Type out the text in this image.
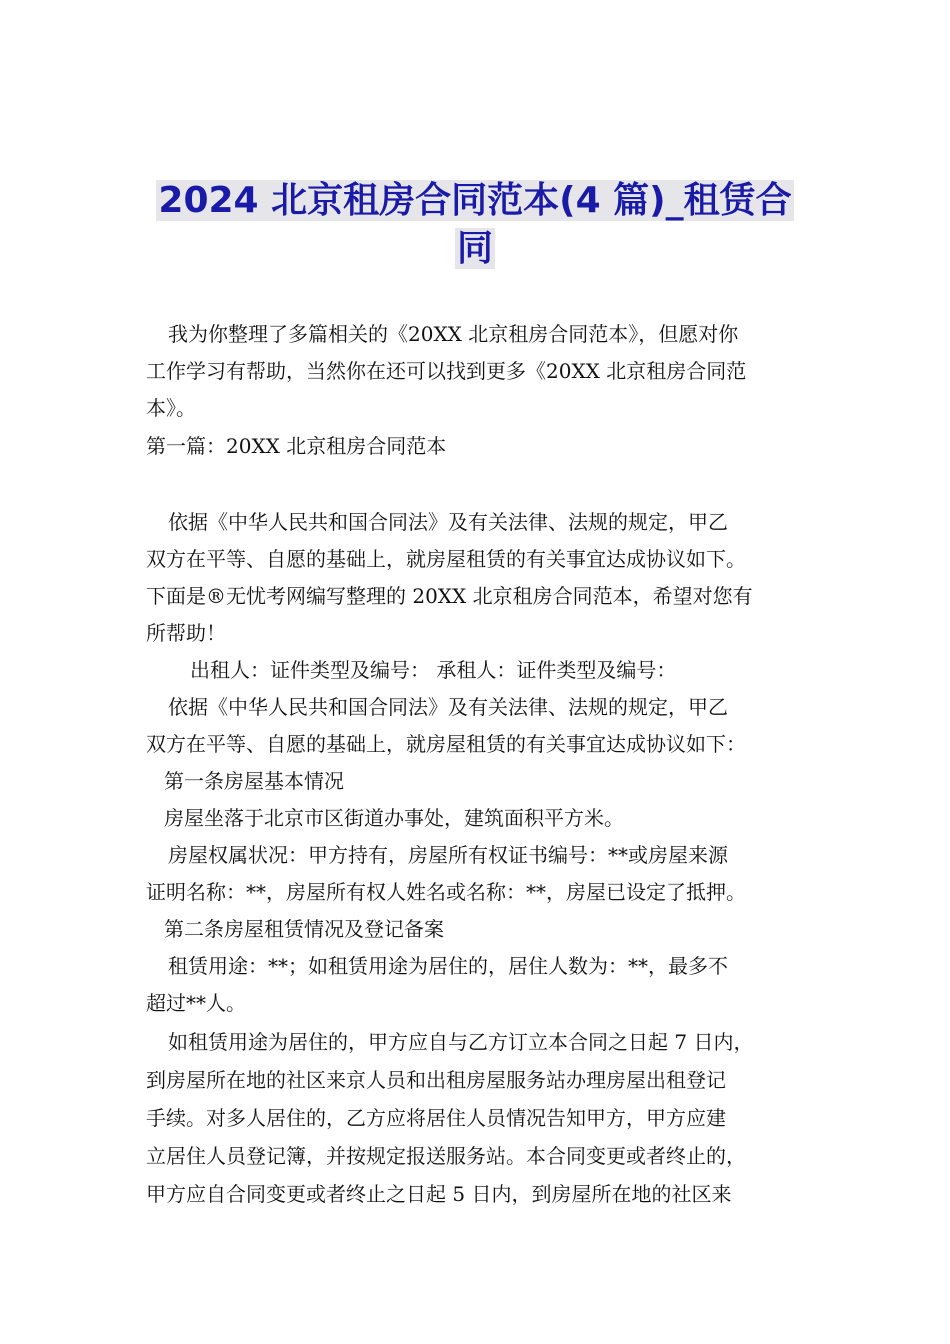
2024 北京租房合同范本(4 篇)_租赁合
同

我为你整理了多篇相关的《20XX 北京租房合同范本》，但愿对你

工作学习有帮助，当然你在还可以找到更多《20XX 北京租房合同范

本》。

第一篇：20XX 北京租房合同范本

依据《中华人民共和国合同法》及有关法律、法规的规定，甲乙

双方在平等、自愿的基础上，就房屋租赁的有关事宜达成协议如下。

下面是®无忧考网编写整理的 20XX 北京租房合同范本，希望对您有

所帮助！

出租人：证件类型及编号： 承租人：证件类型及编号：

依据《中华人民共和国合同法》及有关法律、法规的规定，甲乙

双方在平等、自愿的基础上，就房屋租赁的有关事宜达成协议如下：

第一条房屋基本情况

房屋坐落于北京市区街道办事处，建筑面积平方米。

房屋权属状况：甲方持有，房屋所有权证书编号：**或房屋来源

证明名称：**，房屋所有权人姓名或名称：**，房屋已设定了抵押。

第二条房屋租赁情况及登记备案

租赁用途：**；如租赁用途为居住的，居住人数为：**，最多不

超过**人。

如租赁用途为居住的，甲方应自与乙方订立本合同之日起 7 日内，

到房屋所在地的社区来京人员和出租房屋服务站办理房屋出租登记

手续。对多人居住的，乙方应将居住人员情况告知甲方，甲方应建

立居住人员登记簿，并按规定报送服务站。本合同变更或者终止的，

甲方应自合同变更或者终止之日起 5 日内，到房屋所在地的社区来
